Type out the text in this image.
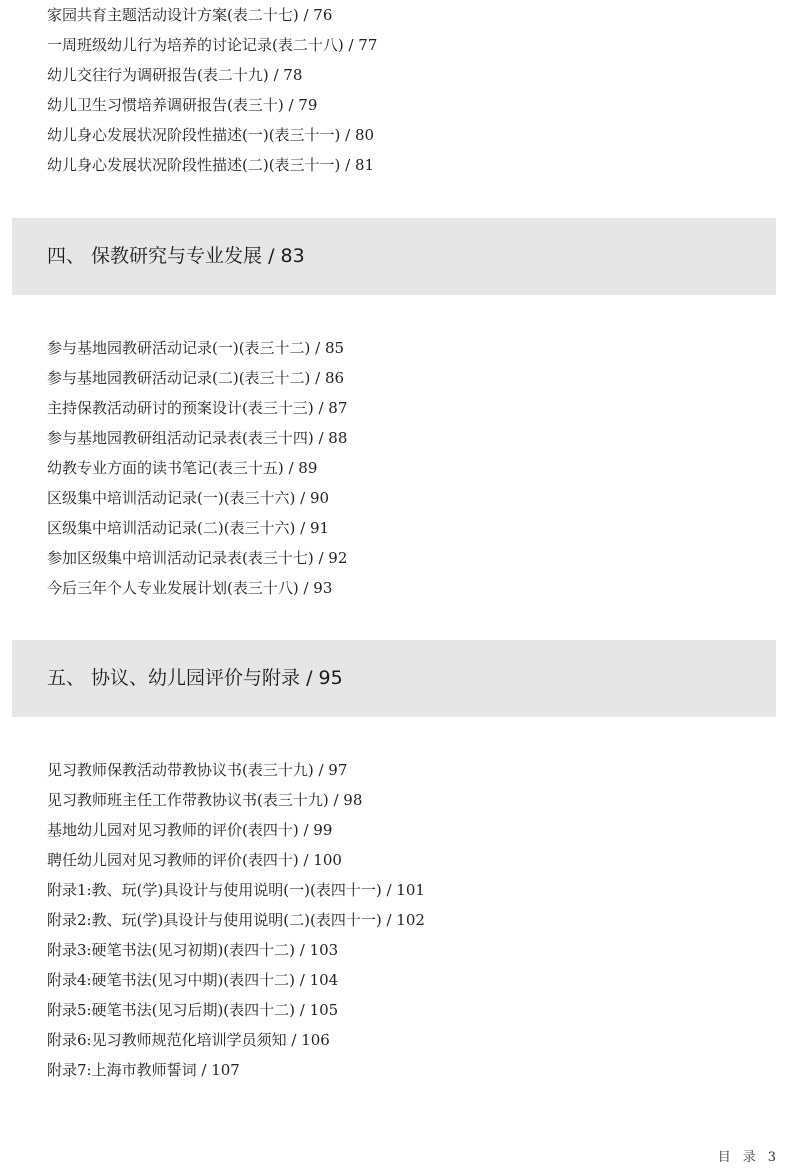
家园共育主题活动设计方案(表二十七) / 76
一周班级幼儿行为培养的讨论记录(表二十八) / 77
幼儿交往行为调研报告(表二十九) / 78
幼儿卫生习惯培养调研报告(表三十) / 79
幼儿身心发展状况阶段性描述(一)(表三十一) / 80
幼儿身心发展状况阶段性描述(二)(表三十一) / 81
四、 保教研究与专业发展 / 83
参与基地园教研活动记录(一)(表三十二) / 85
参与基地园教研活动记录(二)(表三十二) / 86
主持保教活动研讨的预案设计(表三十三) / 87
参与基地园教研组活动记录表(表三十四) / 88
幼教专业方面的读书笔记(表三十五) / 89
区级集中培训活动记录(一)(表三十六) / 90
区级集中培训活动记录(二)(表三十六) / 91
参加区级集中培训活动记录表(表三十七) / 92
今后三年个人专业发展计划(表三十八) / 93
五、 协议、幼儿园评价与附录 / 95
见习教师保教活动带教协议书(表三十九) / 97
见习教师班主任工作带教协议书(表三十九) / 98
基地幼儿园对见习教师的评价(表四十) / 99
聘任幼儿园对见习教师的评价(表四十) / 100
附录1:教、玩(学)具设计与使用说明(一)(表四十一) / 101
附录2:教、玩(学)具设计与使用说明(二)(表四十一) / 102
附录3:硬笔书法(见习初期)(表四十二) / 103
附录4:硬笔书法(见习中期)(表四十二) / 104
附录5:硬笔书法(见习后期)(表四十二) / 105
附录6:见习教师规范化培训学员须知 / 106
附录7:上海市教师誓词 / 107
目 录 3
